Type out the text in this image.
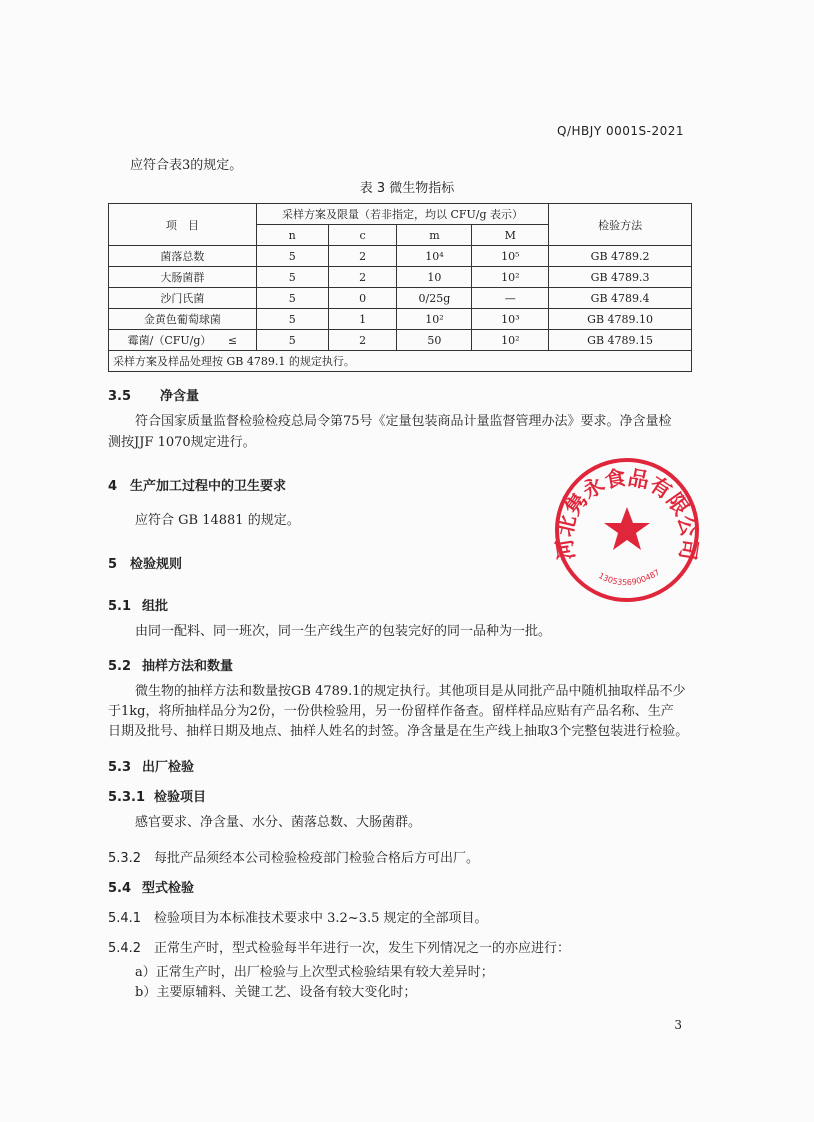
Q/HBJY 0001S-2021
应符合表3的规定。
表 3 微生物指标
项　目	采样方案及限量（若非指定，均以 CFU/g 表示）				检验方法
	n	c	m	M	
菌落总数	5	2	10⁴	10⁵	GB 4789.2
大肠菌群	5	2	10	10²	GB 4789.3
沙门氏菌	5	0	0/25g	—	GB 4789.4
金黄色葡萄球菌	5	1	10²	10³	GB 4789.10
霉菌/（CFU/g）　　≤	5	2	50	10²	GB 4789.15
采样方案及样品处理按 GB 4789.1 的规定执行。					
3.5 净含量
符合国家质量监督检验检疫总局令第75号《定量包装商品计量监督管理办法》要求。净含量检
测按JJF 1070规定进行。
4 生产加工过程中的卫生要求
应符合 GB 14881 的规定。
5 检验规则
5.1 组批
由同一配料、同一班次，同一生产线生产的包装完好的同一品种为一批。
5.2 抽样方法和数量
微生物的抽样方法和数量按GB 4789.1的规定执行。其他项目是从同批产品中随机抽取样品不少
于1kg，将所抽样品分为2份，一份供检验用，另一份留样作备查。留样样品应贴有产品名称、生产
日期及批号、抽样日期及地点、抽样人姓名的封签。净含量是在生产线上抽取3个完整包装进行检验。
5.3 出厂检验
5.3.1 检验项目
感官要求、净含量、水分、菌落总数、大肠菌群。
5.3.2 每批产品须经本公司检验检疫部门检验合格后方可出厂。
5.4 型式检验
5.4.1 检验项目为本标准技术要求中 3.2~3.5 规定的全部项目。
5.4.2 正常生产时，型式检验每半年进行一次，发生下列情况之一的亦应进行：
a）正常生产时，出厂检验与上次型式检验结果有较大差异时；
b）主要原辅料、关键工艺、设备有较大变化时；
河北隽永食品有限公司
1305356900487
3
